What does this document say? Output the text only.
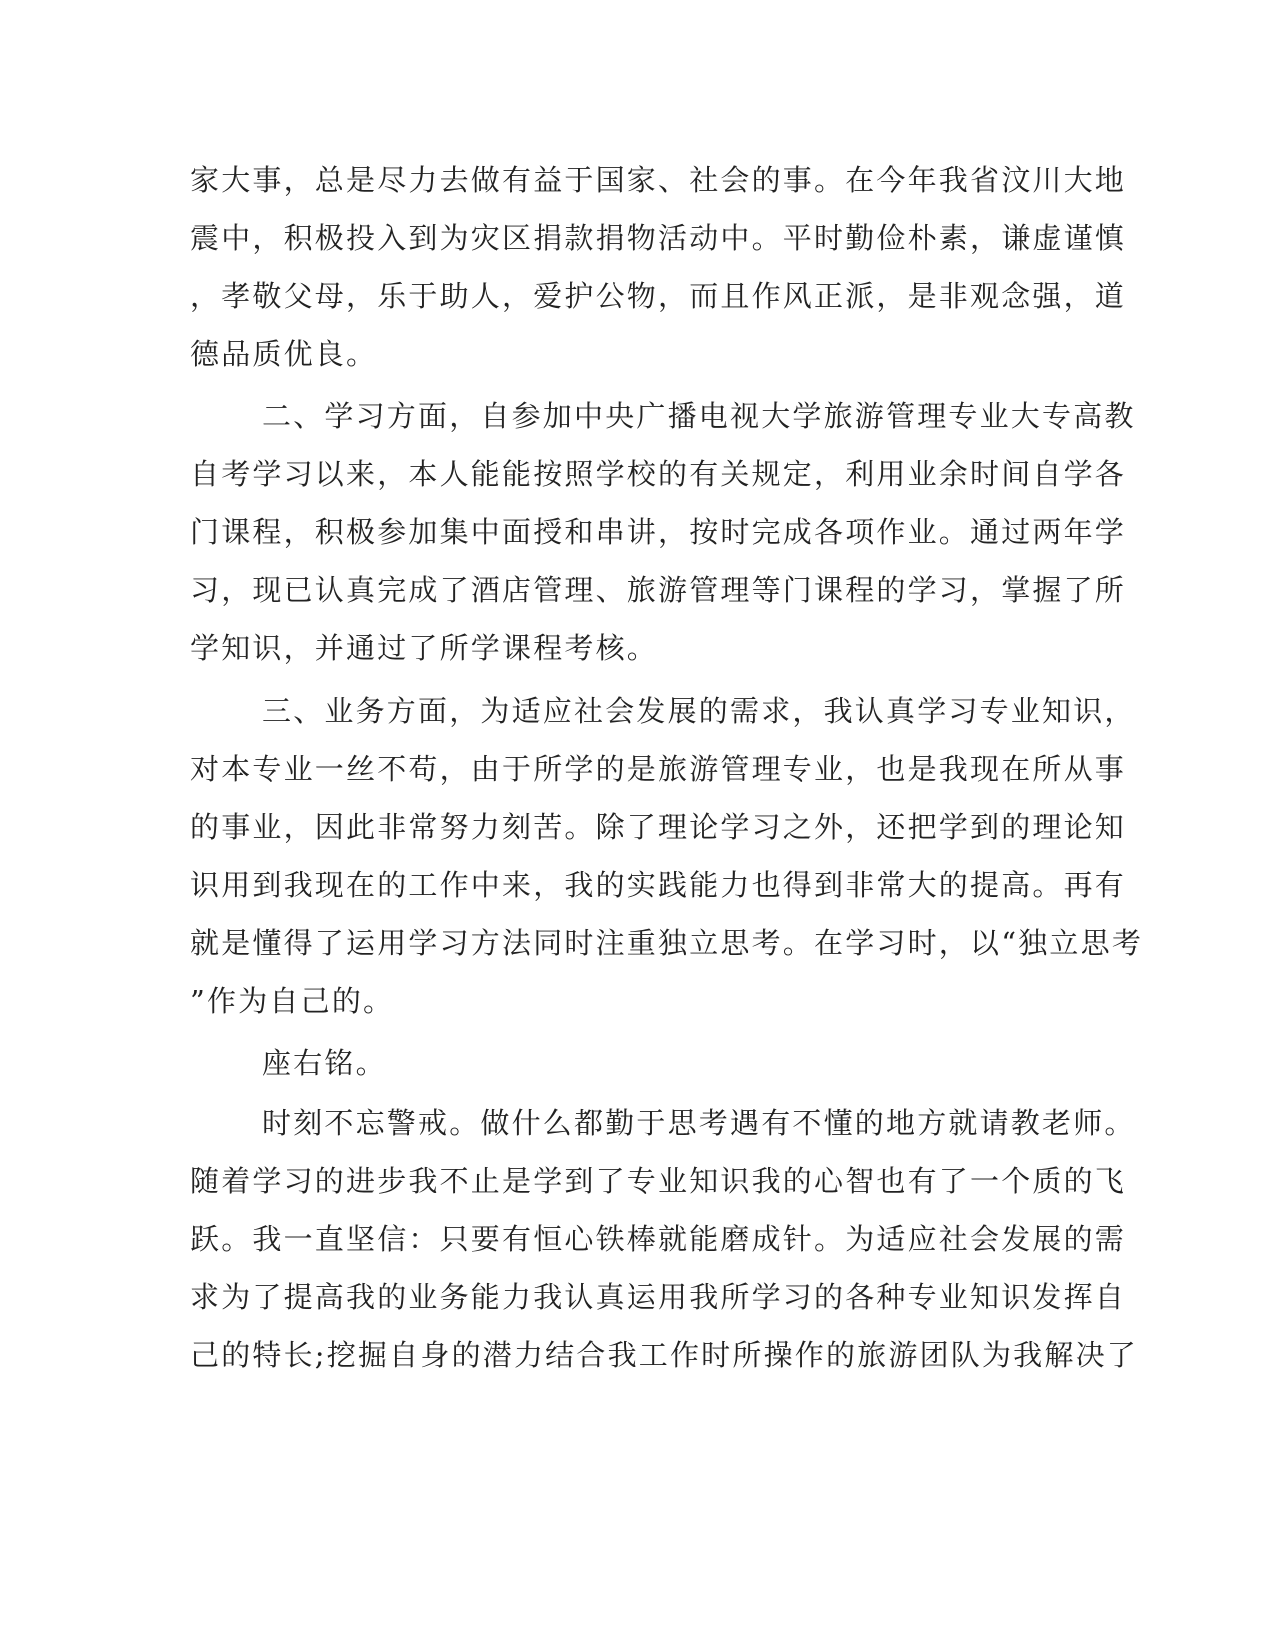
家大事，总是尽力去做有益于国家、社会的事。在今年我省汶川大地

震中，积极投入到为灾区捐款捐物活动中。平时勤俭朴素，谦虚谨慎

，孝敬父母，乐于助人，爱护公物，而且作风正派，是非观念强，道

德品质优良。

二、学习方面，自参加中央广播电视大学旅游管理专业大专高教

自考学习以来，本人能能按照学校的有关规定，利用业余时间自学各

门课程，积极参加集中面授和串讲，按时完成各项作业。通过两年学

习，现已认真完成了酒店管理、旅游管理等门课程的学习，掌握了所

学知识，并通过了所学课程考核。

三、业务方面，为适应社会发展的需求，我认真学习专业知识，

对本专业一丝不苟，由于所学的是旅游管理专业，也是我现在所从事

的事业，因此非常努力刻苦。除了理论学习之外，还把学到的理论知

识用到我现在的工作中来，我的实践能力也得到非常大的提高。再有

就是懂得了运用学习方法同时注重独立思考。在学习时，以“独立思考

”作为自己的。

座右铭。

时刻不忘警戒。做什么都勤于思考遇有不懂的地方就请教老师。

随着学习的进步我不止是学到了专业知识我的心智也有了一个质的飞

跃。我一直坚信：只要有恒心铁棒就能磨成针。为适应社会发展的需

求为了提高我的业务能力我认真运用我所学习的各种专业知识发挥自

己的特长;挖掘自身的潜力结合我工作时所操作的旅游团队为我解决了
